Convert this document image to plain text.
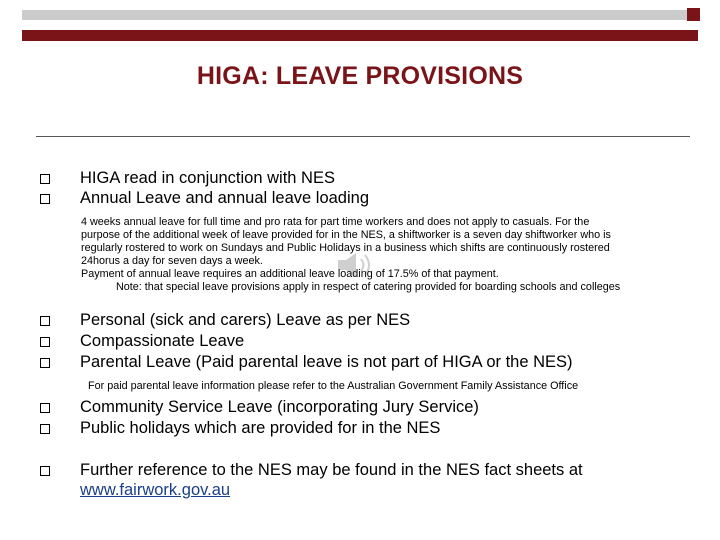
HIGA: LEAVE PROVISIONS
HIGA read in conjunction with NES
Annual Leave and annual leave loading

4 weeks annual leave for full time and pro rata for part time workers and does not apply to casuals. For the

purpose of the additional week of leave provided for in the NES, a shiftworker is a seven day shiftworker who is

regularly rostered to work on Sundays and Public Holidays in a business which shifts are continuously rostered

24horus a day for seven days a week.

Payment of annual leave requires an additional leave loading of 17.5% of that payment.

Note: that special leave provisions apply in respect of catering provided for boarding schools and colleges

Personal (sick and carers) Leave as per NES
Compassionate Leave
Parental Leave (Paid parental leave is not part of HIGA or the NES)
For paid parental leave information please refer to the Australian Government Family Assistance Office
Community Service Leave (incorporating Jury Service)
Public holidays which are provided for in the NES
Further reference to the NES may be found in the NES fact sheets at
www.fairwork.gov.au
